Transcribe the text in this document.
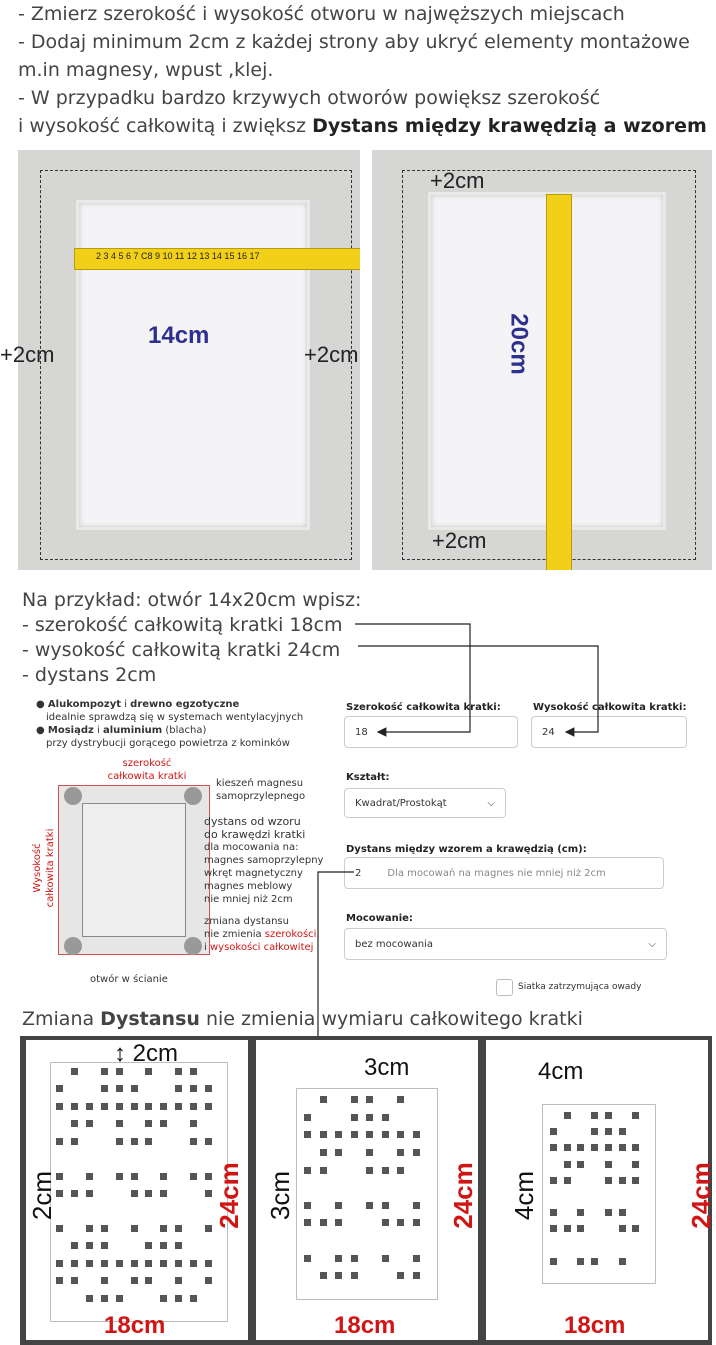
- Zmierz szerokość i wysokość otworu w najwęższych miejscach
- Dodaj minimum 2cm z każdej strony aby ukryć elementy montażowe
m.in magnesy, wpust ,klej.
- W przypadku bardzo krzywych otworów powiększ szerokość
i wysokość całkowitą i zwiększ Dystans między krawędzią a wzorem
2 3 4 5 6 7 C8 9 10 11 12 13 14 15 16 17
14cm
+2cm
+2cm
+2cm
+2cm
20cm
Na przykład: otwór 14x20cm wpisz:
- szerokość całkowitą kratki 18cm
- wysokość całkowitą kratki 24cm
- dystans 2cm
● Alukompozyt i drewno egzotyczne
idealnie sprawdzą się w systemach wentylacyjnych
● Mosiądz i aluminium (blacha)
przy dystrybucji gorącego powietrza z kominków
szerokość
całkowita kratki
Wysokość całkowita kratki
kieszeń magnesu
samoprzylepnego
dystans od wzoru
do krawędzi kratki
dla mocowania na:
magnes samoprzylepny
wkręt magnetyczny
magnes meblowy
nie mniej niż 2cm
zmiana dystansu
nie zmienia szerokości
i wysokości całkowitej
otwór w ścianie
Szerokość całkowita kratki:
18
Wysokość całkowita kratki:
24
Kształt:
Kwadrat/Prostokąt	⌵
Dystans między wzorem a krawędzią (cm):
2	Dla mocowań na magnes nie mniej niż 2cm
Mocowanie:
bez mocowania	⌵
Siatka zatrzymująca owady
Zmiana Dystansu nie zmienia wymiaru całkowitego kratki
↕ 2cm
2cm	24cm
18cm
3cm
3cm	24cm
18cm
4cm
4cm	24cm
18cm
